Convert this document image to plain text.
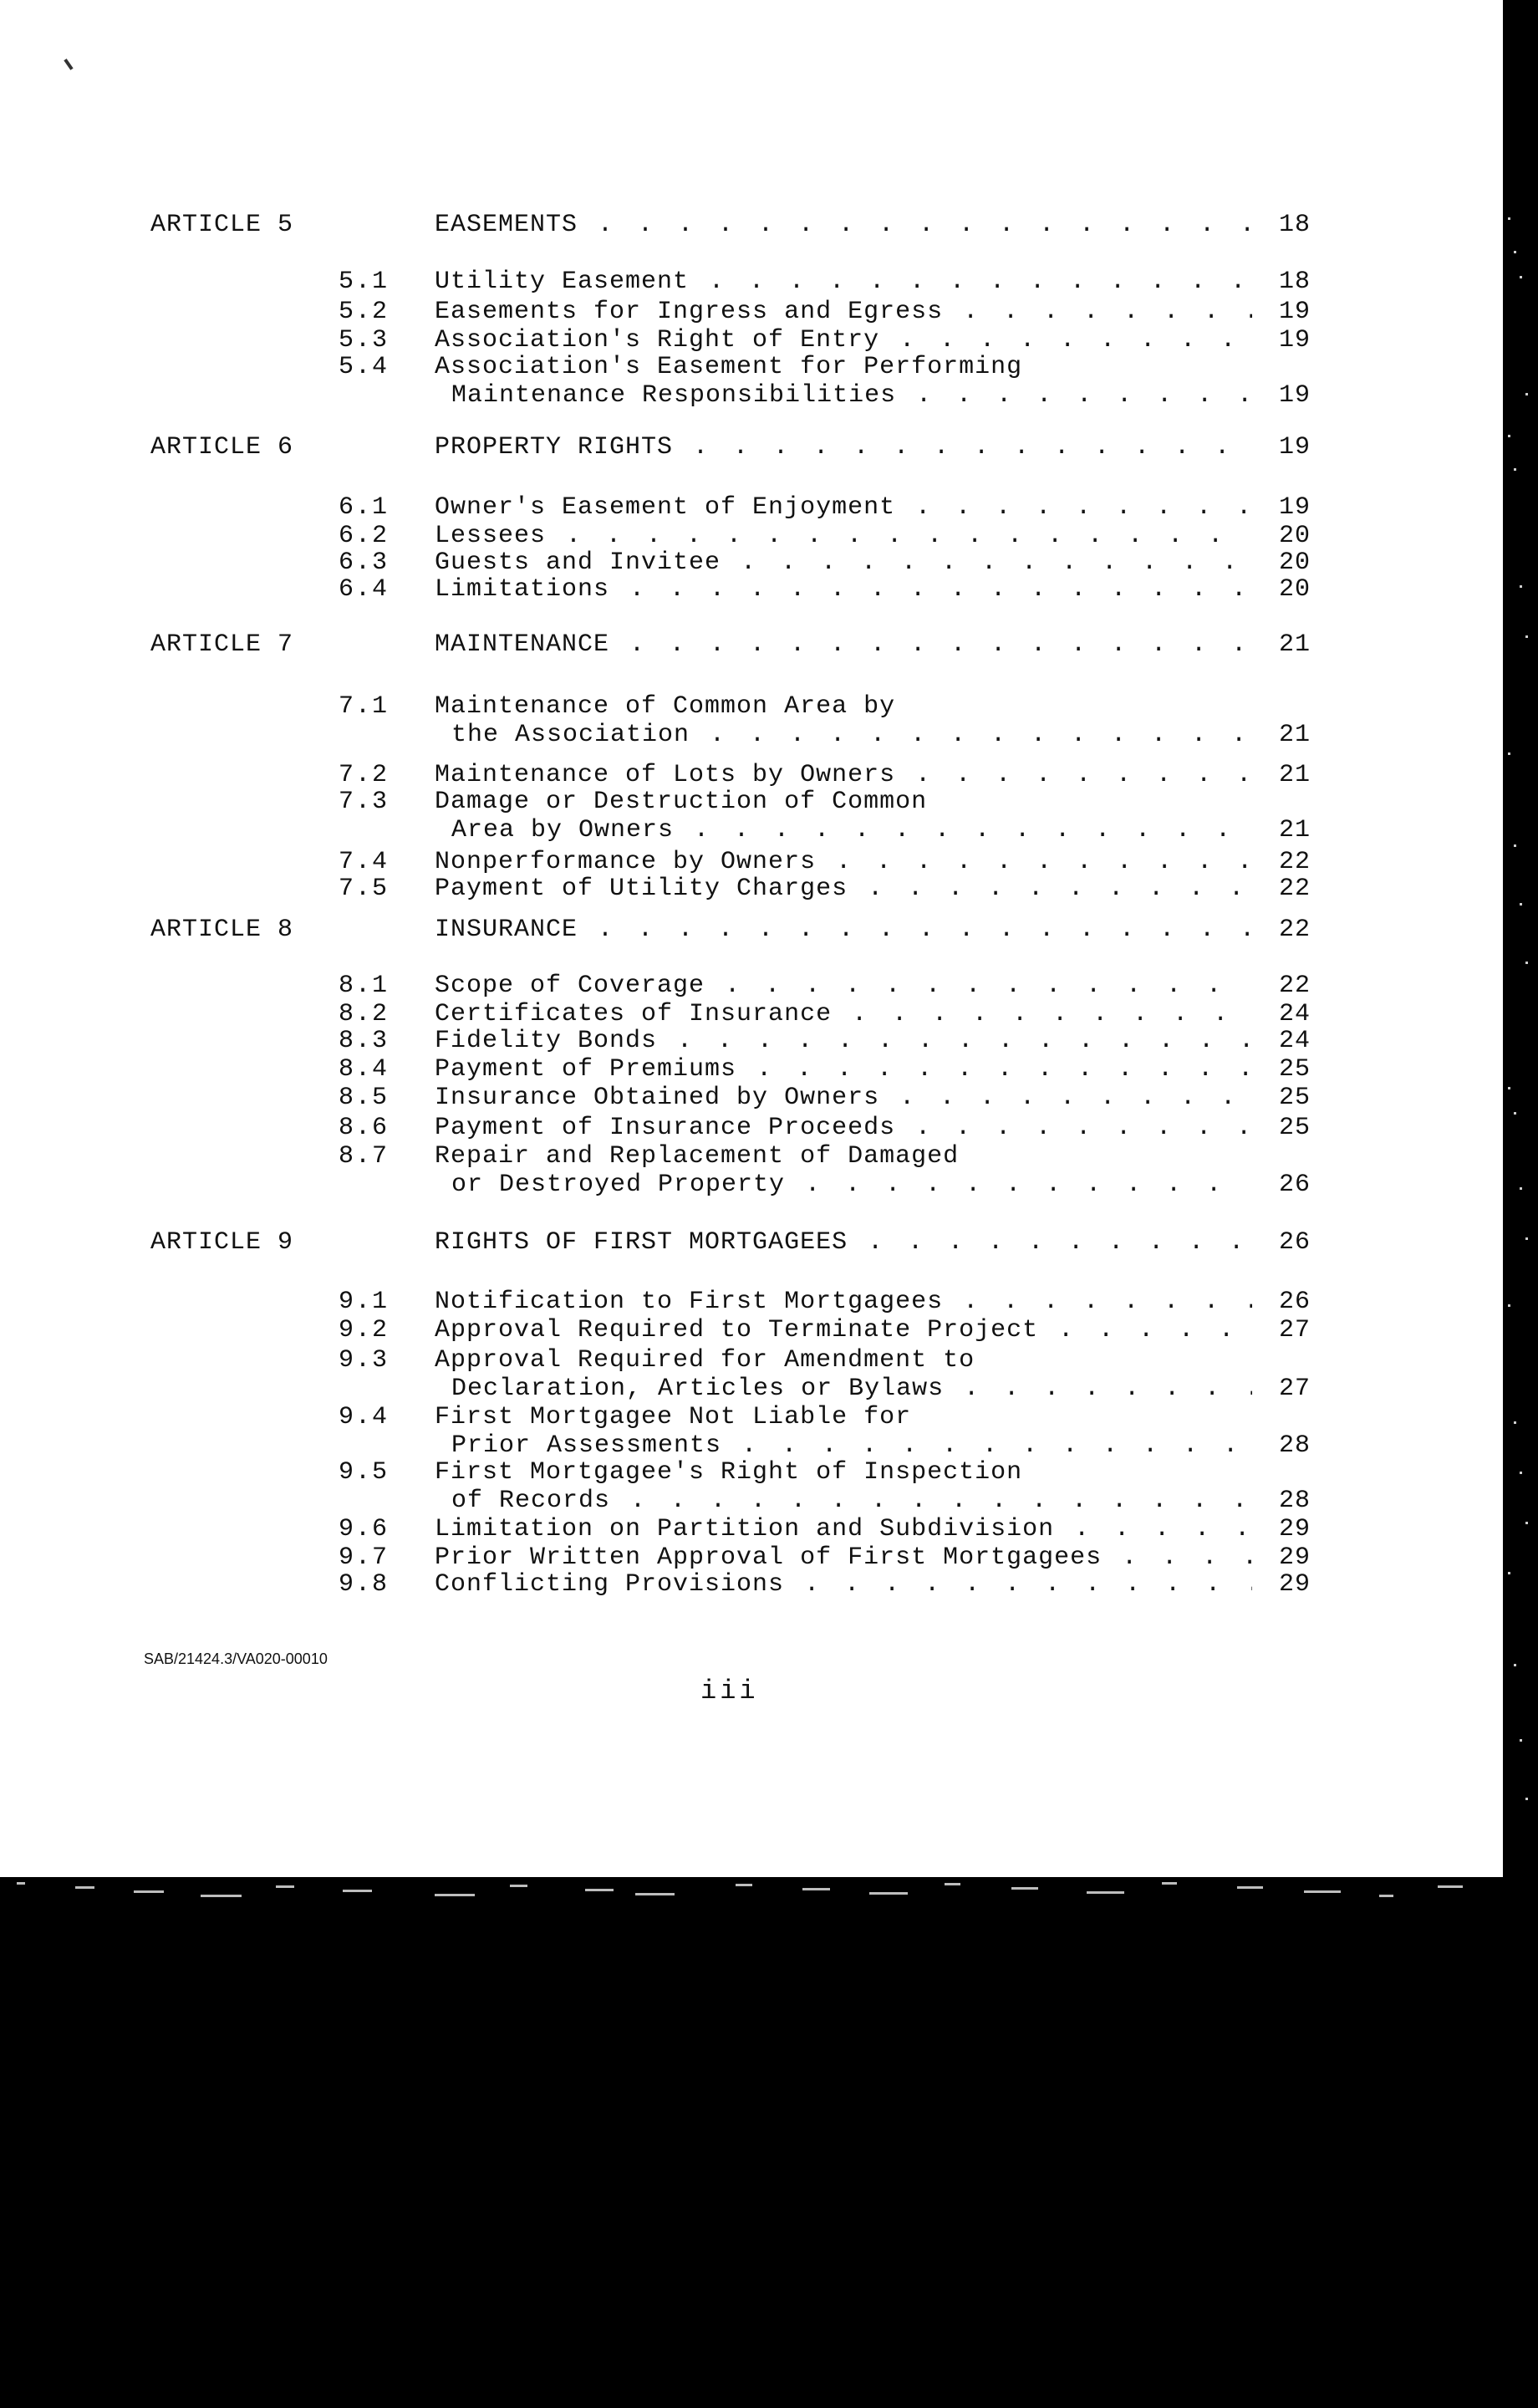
ARTICLE 5	EASEMENTS . . .	18
5.1 Utility Easement . . .	18
5.2 Easements for Ingress and Egress . . .	19
5.3 Association's Right of Entry . . .	19
5.4 Association's Easement for Performing
Maintenance Responsibilities . . .	19
ARTICLE 6	PROPERTY RIGHTS . . .	19
6.1 Owner's Easement of Enjoyment . . .	19
6.2 Lessees . . .	20
6.3 Guests and Invitee . . .	20
6.4 Limitations . . .	20
ARTICLE 7	MAINTENANCE . . .	21
7.1 Maintenance of Common Area by
the Association . . .	21
7.2 Maintenance of Lots by Owners . . .	21
7.3 Damage or Destruction of Common
Area by Owners . . .	21
7.4 Nonperformance by Owners . . .	22
7.5 Payment of Utility Charges . . .	22
ARTICLE 8	INSURANCE . . .	22
8.1 Scope of Coverage . . .	22
8.2 Certificates of Insurance . . .	24
8.3 Fidelity Bonds . . .	24
8.4 Payment of Premiums . . .	25
8.5 Insurance Obtained by Owners . . .	25
8.6 Payment of Insurance Proceeds . . .	25
8.7 Repair and Replacement of Damaged
or Destroyed Property . . .	26
ARTICLE 9	RIGHTS OF FIRST MORTGAGEES . . .	26
9.1 Notification to First Mortgagees . . .	26
9.2 Approval Required to Terminate Project . . .	27
9.3 Approval Required for Amendment to
Declaration, Articles or Bylaws . . .	27
9.4 First Mortgagee Not Liable for
Prior Assessments . . .	28
9.5 First Mortgagee's Right of Inspection
of Records . . .	28
9.6 Limitation on Partition and Subdivision . . .	29
9.7 Prior Written Approval of First Mortgagees . . .	29
9.8 Conflicting Provisions . . .	29
SAB/21424.3/VA020-00010
iii
